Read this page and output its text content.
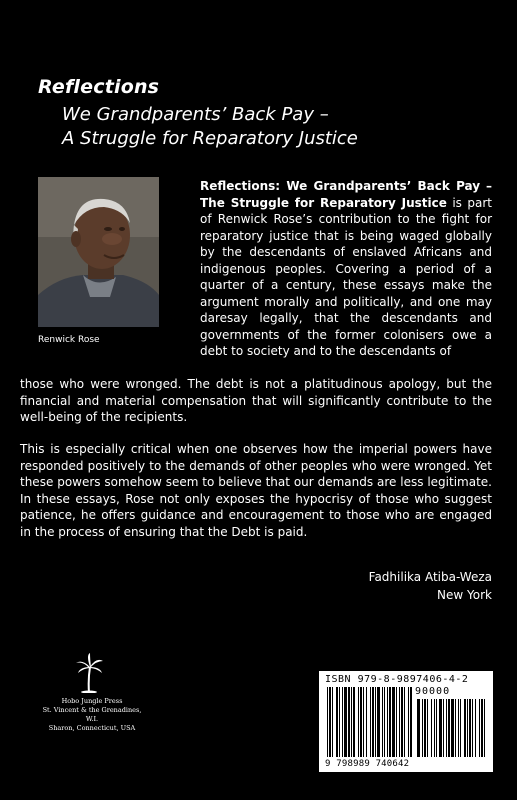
Reflections
We Grandparents’ Back Pay –
A Struggle for Reparatory Justice
Renwick Rose
Reflections: We Grandparents’ Back Pay – The Struggle for Reparatory Justice is part of Renwick Rose’s contribution to the fight for reparatory justice that is being waged globally by the descendants of enslaved Africans and indigenous peoples. Covering a period of a quarter of a century, these essays make the argument morally and politically, and one may daresay legally, that the descendants and governments of the former colonisers owe a debt to society and to the descendants of
those who were wronged. The debt is not a platitudinous apology, but the financial and material compensation that will significantly contribute to the well-being of the recipients.
This is especially critical when one observes how the imperial powers have responded positively to the demands of other peoples who were wronged. Yet these powers somehow seem to believe that our demands are less legitimate. In these essays, Rose not only exposes the hypocrisy of those who suggest patience, he offers guidance and encouragement to those who are engaged in the process of ensuring that the Debt is paid.
Fadhilika Atiba-Weza
New York
Hobo Jungle Press
St. Vincent & the Grenadines, W.I.
Sharon, Connecticut, USA
ISBN 979-8-9897406-4-2
90000
9 798989 740642
